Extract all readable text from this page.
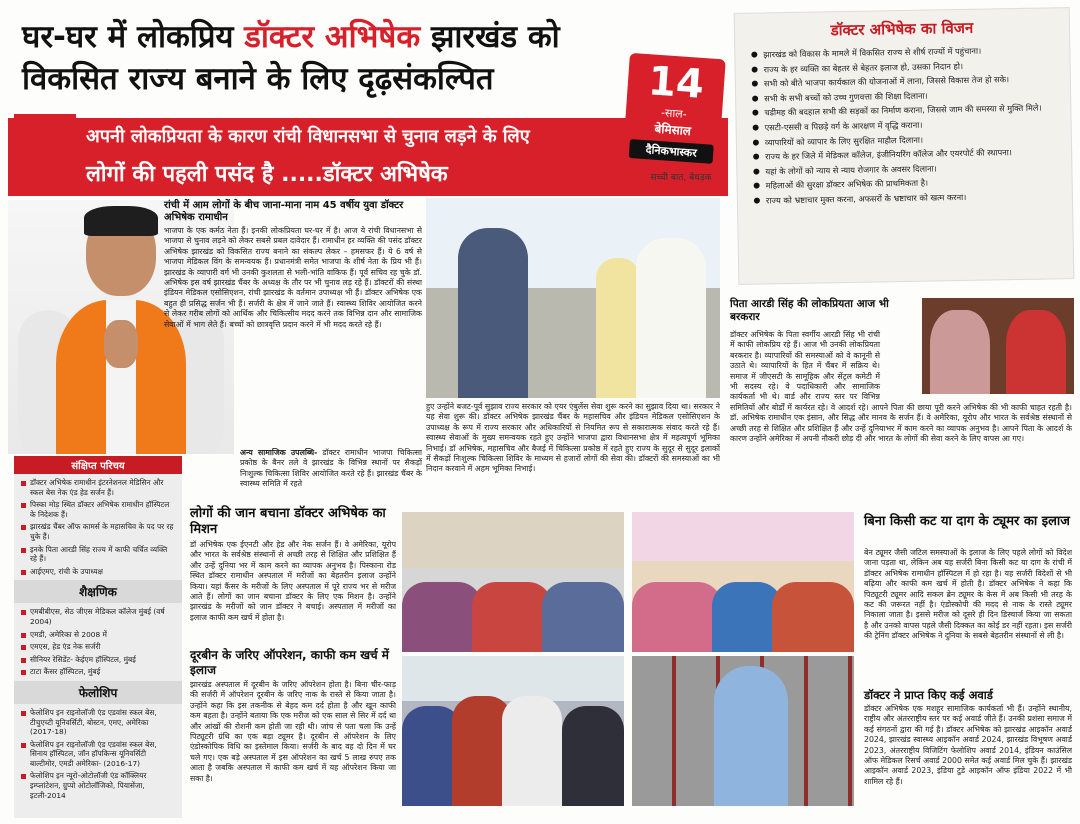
घर-घर में लोकप्रिय डॉक्टर अभिषेक झारखंड को
विकसित राज्य बनाने के लिए दृढ़संकल्पित
अपनी लोकप्रियता के कारण रांची विधानसभा से चुनाव लड़ने के लिए
लोगों की पहली पसंद है .....डॉक्टर अभिषेक
14
-साल-
बेमिसाल
दैनिकभास्कर
सच्ची बात, बेधड़क
डॉक्टर अभिषेक का विजन
झारखंड को विकास के मामले में विकसित राज्य से शीर्ष राज्यों में पहुंचाना।
राज्य के हर व्यक्ति का बेहतर से बेहतर इलाज हो, उसका निदान हो।
सभी को बीते भाजपा कार्यकाल की योजनाओं में लाना, जिससे विकास तेज हो सके।
सभी के सभी बच्चों को उच्च गुणवत्ता की शिक्षा दिलाना।
चडीमह की बदहाल सभी की सड़कों का निर्माण कराना, जिससे जाम की समस्या से मुक्ति मिले।
एसटी-एससी व पिछड़े वर्ग के आरक्षण में वृद्धि कराना।
व्यापारियों को व्यापार के लिए सुरक्षित माहौल दिलाना।
राज्य के हर जिले में मेडिकल कॉलेज, इंजीनियरिंग कॉलेज और एयरपोर्ट की स्थापना।
यहां के लोगों को न्याय से न्याय रोजगार के अवसर दिलाना।
महिलाओं की सुरक्षा डॉक्टर अभिषेक की प्राथमिकता है।
राज्य को भ्रष्टाचार मुक्त करना, अफसरों के भ्रष्टाचार को खत्म करना।
रांची में आम लोगों के बीच जाना-माना नाम 45 वर्षीय युवा डॉक्टर अभिषेक रामाधीन
भाजपा के एक कर्मठ नेता हैं। इनकी लोकप्रियता घर-घर में है। आज ये रांची विधानसभा से भाजपा से चुनाव लड़ने को लेकर सबसे प्रबल दावेदार हैं। रामाधीन हर व्यक्ति की पसंद डॉक्टर अभिषेक झारखंड को विकसित राज्य बनाने का संकल्प लेकर – हमसफर हैं। ये 6 वर्ष से भाजपा मेडिकल विंग के समन्वयक हैं। प्रधानमंत्री समेत भाजपा के शीर्ष नेता के प्रिय भी हैं। झारखंड के व्यापारी वर्ग भी उनकी कुशलता से भली-भांति वाकिफ हैं। पूर्व सचिव रह चुके डॉ. अभिषेक इस वर्ष झारखंड चैंबर के अध्यक्ष के तौर पर भी चुनाव लड़ रहे हैं। डॉक्टरों की संस्था इंडियन मेडिकल एसोसिएशन, रांची झारखंड के वर्तमान उपाध्यक्ष भी हैं। डॉक्टर अभिषेक एक बहुत ही प्रसिद्ध सर्जन भी हैं। सर्जरी के क्षेत्र में जाने जाते हैं। स्वास्थ्य शिविर आयोजित करने से लेकर गरीब लोगों को आर्थिक और चिकित्सीय मदद करने तक विभिन्न दान और सामाजिक सेवाओं में भाग लेते हैं। बच्चों को छात्रवृत्ति प्रदान करने में भी मदद करते रहे हैं।
अन्य सामाजिक उपलब्धि- डॉक्टर रामाधीन भाजपा चिकित्सा प्रकोष्ठ के बैनर तले वे झारखंड के विभिन्न स्थानों पर सैकड़ों निःशुल्क चिकित्सा शिविर आयोजित करते रहे हैं। झारखंड चैंबर के स्वास्थ्य समिति में रहते
हुए उन्होंने बजट-पूर्व सुझाव राज्य सरकार को एयर एंबुलेंस सेवा शुरू करने का सुझाव दिया था। सरकार ने यह सेवा शुरू की। डॉक्टर अभिषेक झारखंड चैंबर के महासचिव और इंडियन मेडिकल एसोसिएशन के उपाध्यक्ष के रूप में राज्य सरकार और अधिकारियों से नियमित रूप से सकारात्मक संवाद करते रहे हैं। स्वास्थ्य सेवाओं के मुख्य समन्वयक रहते हुए उन्होंने भाजपा द्वारा विधानसभा क्षेत्र में महत्वपूर्ण भूमिका निभाई। डॉ अभिषेक, महासचिव और बैजई में चिकित्सा प्रकोष्ठ में रहते हुए राज्य के सुदूर से सुदूर इलाकों में सैकड़ों निःशुल्क चिकित्सा शिविर के माध्यम से हजारों लोगों की सेवा की। डॉक्टरों की समस्याओं का भी निदान करवाने में अहम भूमिका निभाई।
पिता आरडी सिंह की लोकप्रियता आज भी बरकरार
डॉक्टर अभिषेक के पिता स्वर्गीय आरडी सिंह भी रांची में काफी लोकप्रिय रहे हैं। आज भी उनकी लोकप्रियता बरकरार है। व्यापारियों की समस्याओं को वे कानूनी से उठाते थे। व्यापारियों के हित में चैंबर में सक्रिय थे। समाज में जीएसटी के सामूहिक और सेंट्रल कमेटी में भी सदस्य रहे। वे पदाधिकारी और सामाजिक कार्यकर्ता भी थे। वार्ड और राज्य स्तर पर विभिन्न समितियों और बोर्डों में कार्यरत रहे। वे आदर्श रहे। आपने पिता की छाया पूरी करने अभिषेक की भी काफी चाहत रहती है। डॉ. अभिषेक रामाधीन एक इंसान, और सिद्ध और मानव के सर्जन हैं। वे अमेरिका, यूरोप और भारत के सर्वश्रेष्ठ संस्थानों से अच्छी तरह से शिक्षित और प्रशिक्षित हैं और उन्हें दुनियाभर में काम करने का व्यापक अनुभव है। आपने पिता के आदर्श के कारण उन्होंने अमेरिका में अपनी नौकरी छोड़ दी और भारत के लोगों की सेवा करने के लिए वापस आ गए।
लोगों की जान बचाना डॉक्टर अभिषेक का मिशन
डॉ अभिषेक एक ईएनटी और हेड और नेक सर्जन हैं। वे अमेरिका, यूरोप और भारत के सर्वश्रेष्ठ संस्थानों से अच्छी तरह से शिक्षित और प्रशिक्षित हैं और उन्हें दुनिया भर में काम करने का व्यापक अनुभव है। पिस्काना रोड स्थित डॉक्टर रामाधीन अस्पताल में मरीजों का बेहतरीन इलाज उन्होंने किया। यहां कैंसर के मरीजों के लिए अस्पताल में पूरे राज्य भर से मरीज आते हैं। लोगों का जान बचाना डॉक्टर के लिए एक मिशन है। उन्होंने झारखंड के मरीजों को जान डॉक्टर ने बचाई। अस्पताल में मरीजों का इलाज काफी कम खर्च में होता है।
दूरबीन के जरिए ऑपरेशन, काफी कम खर्च में इलाज
झारखंड अस्पताल में दूरबीन के जरिए ऑपरेशन होता है। बिना चीर-फाड़ की सर्जरी में ऑपरेशन दूरबीन के जरिए नाक के रास्ते से किया जाता है। उन्होंने कहा कि इस तकनीक से बेहद कम दर्द होता है और खून काफी कम बहता है। उन्होंने बताया कि एक मरीज को एक साल से सिर में दर्द था और आंखों की रोशनी कम होती जा रही थी। जांच से पता चला कि उन्हें पिट्यूटरी ग्रंथि का एक बड़ा ट्यूमर है। दूरबीन से ऑपरेशन के लिए एंडोस्कोपिक विधि का इस्तेमाल किया। सर्जरी के बाद वह दो दिन में घर चले गए। एक बड़े अस्पताल में इस ऑपरेशन का खर्च 5 लाख रुपए तक आता है जबकि अस्पताल में काफी कम खर्च में यह ऑपरेशन किया जा सका है।
बिना किसी कट या दाग के ट्यूमर का इलाज
बेन ट्यूमर जैसी जटिल समस्याओं के इलाज के लिए पहले लोगों को विदेश जाना पड़ता था, लेकिन अब यह सर्जरी बिना किसी कट या दाग के रांची में डॉक्टर अभिषेक रामाधीन हॉस्पिटल में हो रहा है। यह सर्जरी विदेशों से भी बढ़िया और काफी कम खर्च में होती है। डॉक्टर अभिषेक ने कहा कि पिट्यूटरी ट्यूमर आदि सकल ब्रेन ट्यूमर के केस में अब किसी भी तरह के कट की जरूरत नहीं है। एंडोस्कोपी की मदद से नाक के रास्ते ट्यूमर निकाला जाता है। इससे मरीज को दूसरे ही दिन डिस्चार्ज किया जा सकता है और उनको वापस पहले जैसी दिक्कत का कोई डर नहीं रहता। इस सर्जरी की ट्रेनिंग डॉक्टर अभिषेक ने दुनिया के सबसे बेहतरीन संस्थानों से ली है।
डॉक्टर ने प्राप्त किए कई अवार्ड
डॉक्टर अभिषेक एक मशहूर सामाजिक कार्यकर्ता भी हैं। उन्होंने स्थानीय, राष्ट्रीय और अंतरराष्ट्रीय स्तर पर कई अवार्ड जीते हैं। उनकी प्रशंसा समाज में कई संगठनों द्वारा की गई है। डॉक्टर अभिषेक को झारखंड आइकॉन अवार्ड 2024, झारखंड स्वास्थ्य आइकॉन अवार्ड 2024, झारखंड विभूषण अवार्ड 2023, अंतरराष्ट्रीय विजिटिंग फेलोशिप अवार्ड 2014, इंडियन काउंसिल ऑफ मेडिकल रिसर्च अवार्ड 2000 समेत कई अवार्ड मिल चुके हैं। झारखंड आइकॉन अवार्ड 2023, इंडिया टुडे आइकॉन ऑफ इंडिया 2022 में भी शामिल रहे हैं।
संक्षिप्त परिचय
डॉक्टर अभिषेक रामाधीन इंटरनेशनल मेडिसिन और स्कल बेस नेक एंड हेड सर्जन हैं।
पिस्का मोड़ स्थित डॉक्टर अभिषेक रामाधीन हॉस्पिटल के निदेशक हैं।
झारखंड चैंबर ऑफ कामर्स के महासचिव के पद पर रह चुके हैं।
इनके पिता आरडी सिंह राज्य में काफी चर्चित व्यक्ति रहे हैं।
आईएमए, रांची के उपाध्यक्ष
शैक्षणिक
एमबीबीएस, सेठ जीएस मेडिकल कॉलेज मुंबई (वर्ष 2004)
एमडी, अमेरिका से 2008 में
एमएस, हेड एंड नेक सर्जरी
सीनियर रेसिडेंट- केईएम हॉस्पिटल, मुंबई
टाटा कैंसर हॉस्पिटल, मुंबई
फेलोशिप
फेलोशिप इन राइनोलॉजी एंड एडवांस स्कल बेस, टीचुएच्टी यूनिवर्सिटी, बोस्टन, एमए, अमेरिका (2017-18)
फेलोशिप इन राइनोलॉजी एंड एडवांस स्कल बेस, सिनाय हॉस्पिटल, जॉन हॉपकिन्स यूनिवर्सिटी बाल्टीमोर, एमडी अमेरिका- (2016-17)
फेलोशिप इन न्यूरो-ओटोलॉजी एंड कॉक्लियर इम्प्लांटेशन, ग्रुप्पो ओटोलॉजिको, पियासेंजा, इटली-2014
